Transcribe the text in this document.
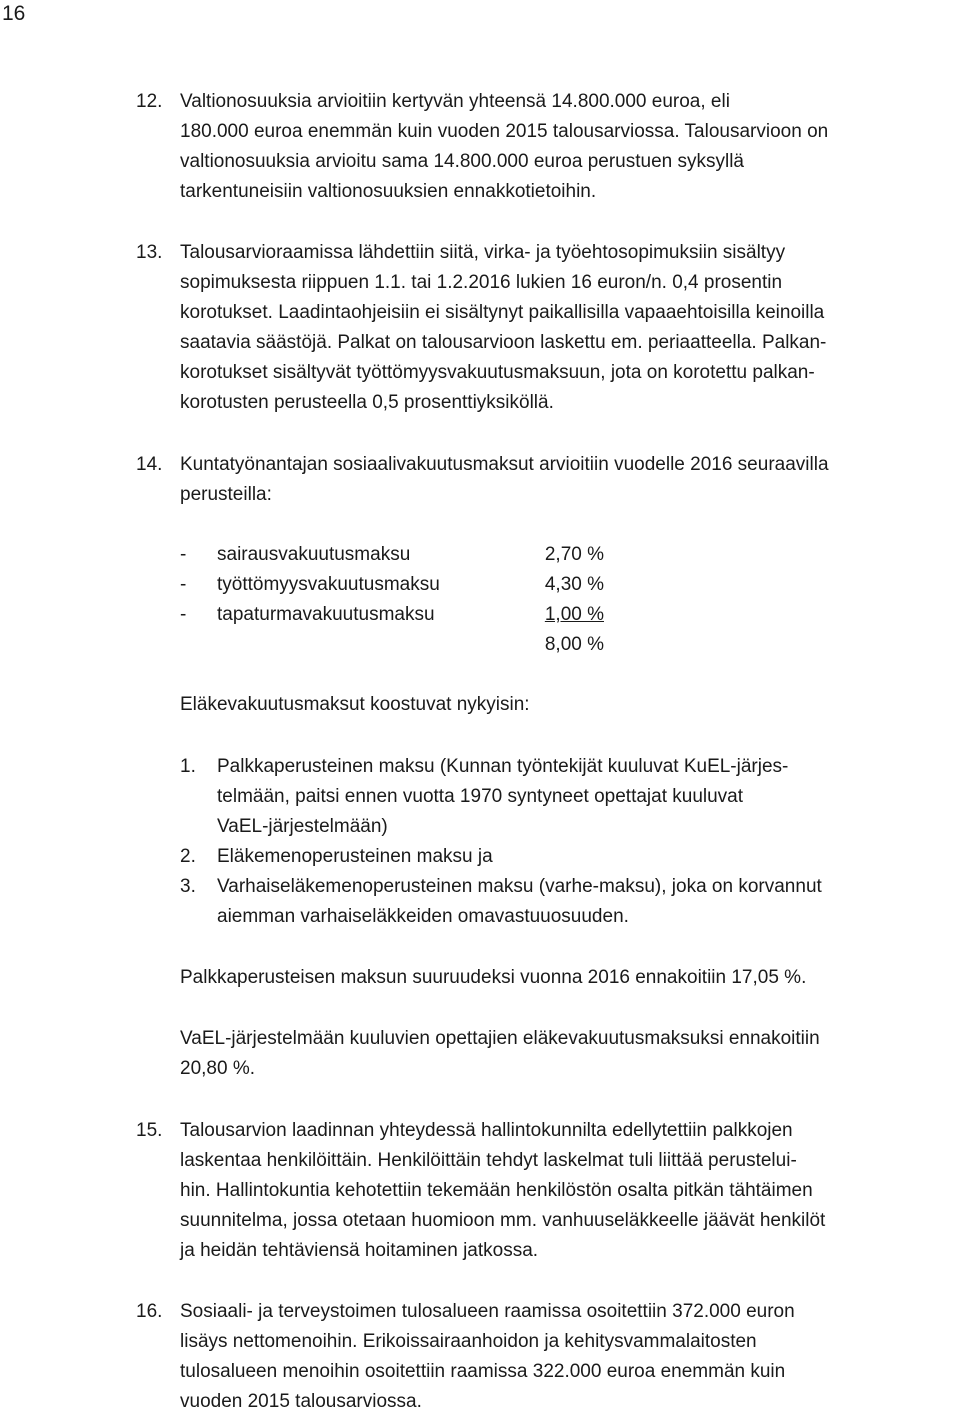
16
12. Valtionosuuksia arvioitiin kertyvän yhteensä 14.800.000 euroa, eli
180.000 euroa enemmän kuin vuoden 2015 talousarviossa. Talousarvioon on
valtionosuuksia arvioitu sama 14.800.000 euroa perustuen syksyllä
tarkentuneisiin valtionosuuksien ennakkotietoihin.
13. Talousarvioraamissa lähdettiin siitä, virka- ja työehtosopimuksiin sisältyy
sopimuksesta riippuen 1.1. tai 1.2.2016 lukien 16 euron/n. 0,4 prosentin
korotukset. Laadintaohjeisiin ei sisältynyt paikallisilla vapaaehtoisilla keinoilla
saatavia säästöjä. Palkat on talousarvioon laskettu em. periaatteella. Palkan-
korotukset sisältyvät työttömyysvakuutusmaksuun, jota on korotettu palkan-
korotusten perusteella 0,5 prosenttiyksiköllä.
14. Kuntatyönantajan sosiaalivakuutusmaksut arvioitiin vuodelle 2016 seuraavilla
perusteilla:
- sairausvakuutusmaksu	2,70 %
- työttömyysvakuutusmaksu	4,30 %
- tapaturmavakuutusmaksu	1,00 %
8,00 %
Eläkevakuutusmaksut koostuvat nykyisin:
1. Palkkaperusteinen maksu (Kunnan työntekijät kuuluvat KuEL-järjes-
telmään, paitsi ennen vuotta 1970 syntyneet opettajat kuuluvat
VaEL-järjestelmään)
2. Eläkemenoperusteinen maksu ja
3. Varhaiseläkemenoperusteinen maksu (varhe-maksu), joka on korvannut
aiemman varhaiseläkkeiden omavastuuosuuden.
Palkkaperusteisen maksun suuruudeksi vuonna 2016 ennakoitiin 17,05 %.
VaEL-järjestelmään kuuluvien opettajien eläkevakuutusmaksuksi ennakoitiin
20,80 %.
15. Talousarvion laadinnan yhteydessä hallintokunnilta edellytettiin palkkojen
laskentaa henkilöittäin. Henkilöittäin tehdyt laskelmat tuli liittää perustelui-
hin. Hallintokuntia kehotettiin tekemään henkilöstön osalta pitkän tähtäimen
suunnitelma, jossa otetaan huomioon mm. vanhuuseläkkeelle jäävät henkilöt
ja heidän tehtäviensä hoitaminen jatkossa.
16. Sosiaali- ja terveystoimen tulosalueen raamissa osoitettiin 372.000 euron
lisäys nettomenoihin. Erikoissairaanhoidon ja kehitysvammalaitosten
tulosalueen menoihin osoitettiin raamissa 322.000 euroa enemmän kuin
vuoden 2015 talousarviossa.
